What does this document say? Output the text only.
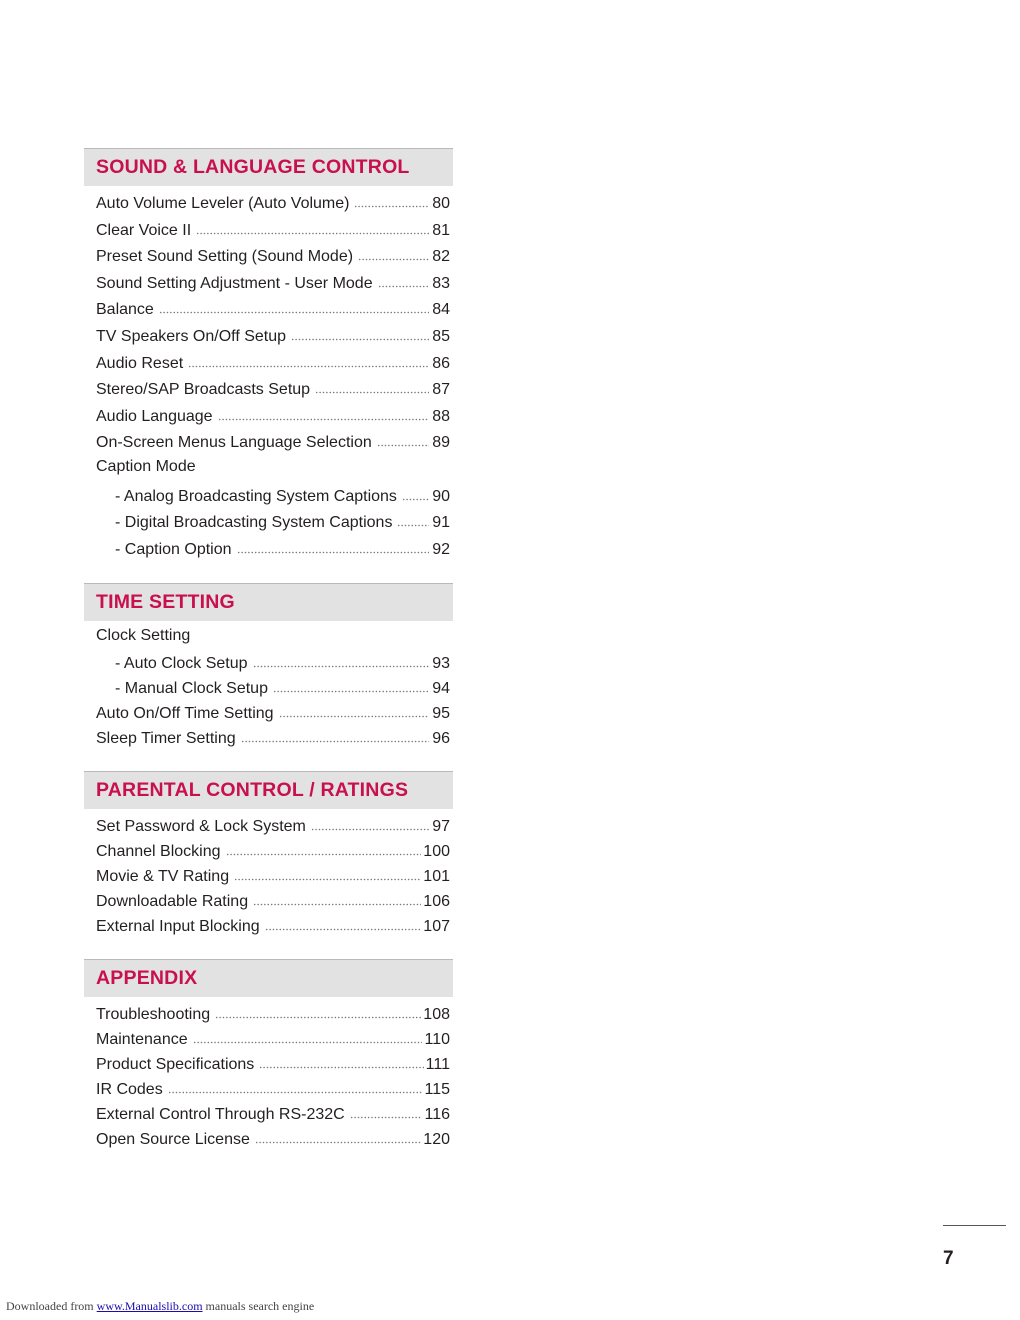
SOUND & LANGUAGE CONTROL
Auto Volume Leveler (Auto Volume)	80
Clear Voice II	81
Preset Sound Setting (Sound Mode)	82
Sound Setting Adjustment - User Mode	83
Balance	84
TV Speakers On/Off Setup	85
Audio Reset	86
Stereo/SAP Broadcasts Setup	87
Audio Language	88
On-Screen Menus Language Selection	89
Caption Mode
- Analog Broadcasting System Captions 90
- Digital Broadcasting System Captions 91
- Caption Option	92
TIME SETTING
Clock Setting
- Auto Clock Setup	93
- Manual Clock Setup	94
Auto On/Off Time Setting	95
Sleep Timer Setting	96
PARENTAL CONTROL / RATINGS
Set Password & Lock System	97
Channel Blocking	100
Movie & TV Rating	101
Downloadable Rating	106
External Input Blocking	107
APPENDIX
Troubleshooting	108
Maintenance	110
Product Specifications	111
IR Codes	115
External Control Through RS-232C	116
Open Source License	120
7
Downloaded from www.Manualslib.com manuals search engine
